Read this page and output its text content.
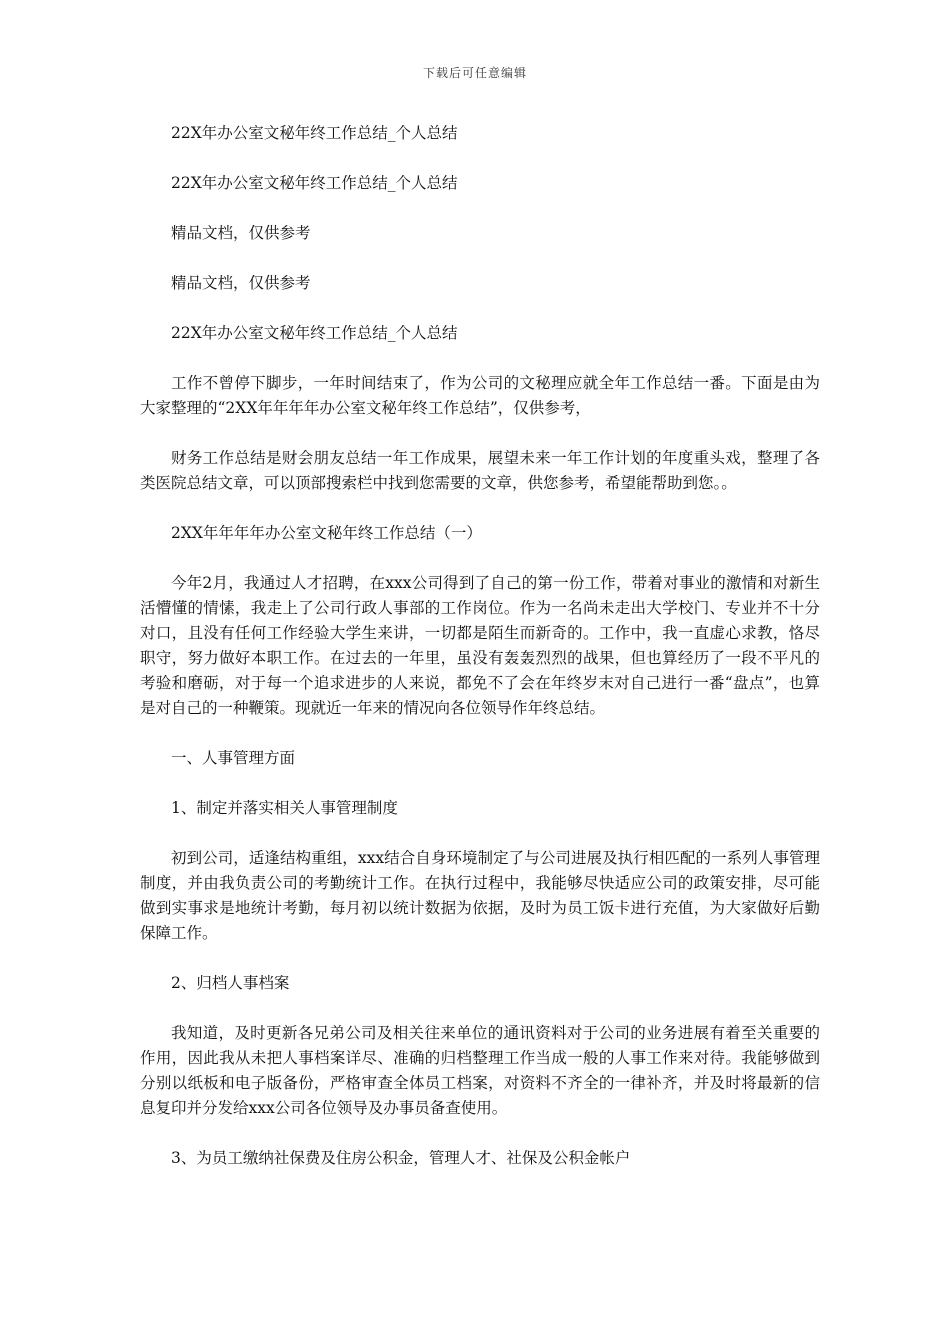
下载后可任意编辑

22X年办公室文秘年终工作总结_个人总结

22X年办公室文秘年终工作总结_个人总结

精品文档，仅供参考

精品文档，仅供参考

22X年办公室文秘年终工作总结_个人总结

工作不曾停下脚步，一年时间结束了，作为公司的文秘理应就全年工作总结一番。下面是由为大家整理的“2XX年年年年办公室文秘年终工作总结”，仅供参考，

财务工作总结是财会朋友总结一年工作成果，展望未来一年工作计划的年度重头戏，整理了各类医院总结文章，可以顶部搜索栏中找到您需要的文章，供您参考，希望能帮助到您。。

2XX年年年年办公室文秘年终工作总结（一）

今年2月，我通过人才招聘，在xxx公司得到了自己的第一份工作，带着对事业的激情和对新生活懵懂的情愫，我走上了公司行政人事部的工作岗位。作为一名尚未走出大学校门、专业并不十分对口，且没有任何工作经验大学生来讲，一切都是陌生而新奇的。工作中，我一直虚心求教，恪尽职守，努力做好本职工作。在过去的一年里，虽没有轰轰烈烈的战果，但也算经历了一段不平凡的考验和磨砺，对于每一个追求进步的人来说，都免不了会在年终岁末对自己进行一番“盘点”，也算是对自己的一种鞭策。现就近一年来的情况向各位领导作年终总结。

一、人事管理方面

1、制定并落实相关人事管理制度

初到公司，适逢结构重组，xxx结合自身环境制定了与公司进展及执行相匹配的一系列人事管理制度，并由我负责公司的考勤统计工作。在执行过程中，我能够尽快适应公司的政策安排，尽可能做到实事求是地统计考勤，每月初以统计数据为依据，及时为员工饭卡进行充值，为大家做好后勤保障工作。

2、归档人事档案

我知道，及时更新各兄弟公司及相关往来单位的通讯资料对于公司的业务进展有着至关重要的作用，因此我从未把人事档案详尽、准确的归档整理工作当成一般的人事工作来对待。我能够做到分别以纸板和电子版备份，严格审查全体员工档案，对资料不齐全的一律补齐，并及时将最新的信息复印并分发给xxx公司各位领导及办事员备查使用。

3、为员工缴纳社保费及住房公积金，管理人才、社保及公积金帐户
